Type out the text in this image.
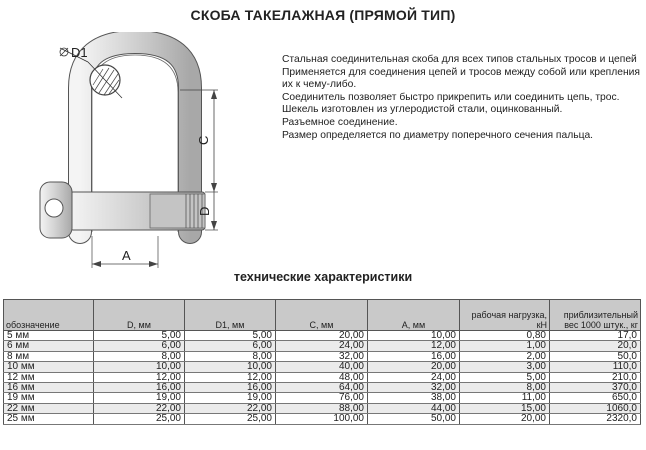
СКОБА ТАКЕЛАЖНАЯ (ПРЯМОЙ ТИП)
D1
C
D
A

Стальная соединительная скоба для всех типов стальных тросов и цепей

Применяется для соединения цепей и тросов между собой или крепления их к чему-либо.

Соединитель позволяет быстро прикрепить или соединить цепь, трос.

Шекель изготовлен из углеродистой стали, оцинкованный.

Разъемное соединение.

Размер определяется по диаметру поперечного сечения пальца.

технические характеристики
обозначение	D, мм	D1, мм	C, мм	A, мм	рабочая нагрузка, кН	приблизительный вес 1000 штук., кг
5 мм	5,00	5,00	20,00	10,00	0,80	17,0
6 мм	6,00	6,00	24,00	12,00	1,00	20,0
8 мм	8,00	8,00	32,00	16,00	2,00	50,0
10 мм	10,00	10,00	40,00	20,00	3,00	110,0
12 мм	12,00	12,00	48,00	24,00	5,00	210,0
16 мм	16,00	16,00	64,00	32,00	8,00	370,0
19 мм	19,00	19,00	76,00	38,00	11,00	650,0
22 мм	22,00	22,00	88,00	44,00	15,00	1060,0
25 мм	25,00	25,00	100,00	50,00	20,00	2320,0
